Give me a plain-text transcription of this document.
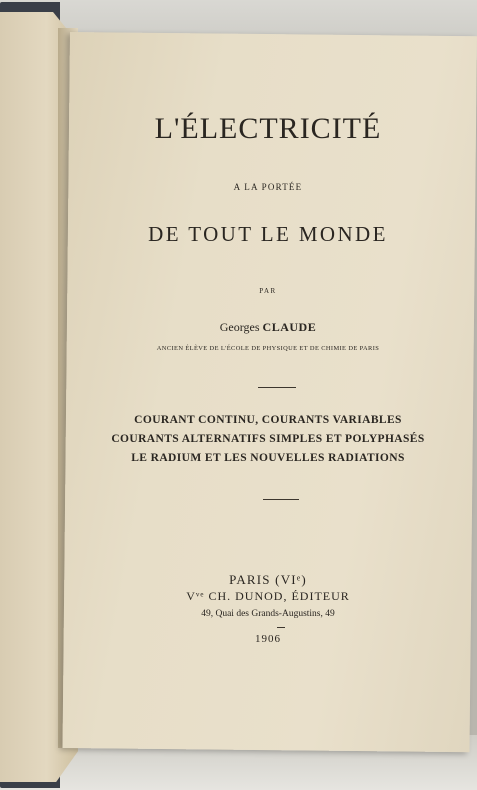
L'ÉLECTRICITÉ
A LA PORTÉE
DE TOUT LE MONDE
PAR
Georges CLAUDE
ANCIEN ÉLÈVE DE L'ÉCOLE DE PHYSIQUE ET DE CHIMIE DE PARIS
COURANT CONTINU, COURANTS VARIABLES
COURANTS ALTERNATIFS SIMPLES ET POLYPHASÉS
LE RADIUM ET LES NOUVELLES RADIATIONS
PARIS (VIᵉ)
Vᵛᵉ CH. DUNOD, ÉDITEUR
49, Quai des Grands-Augustins, 49
1906
